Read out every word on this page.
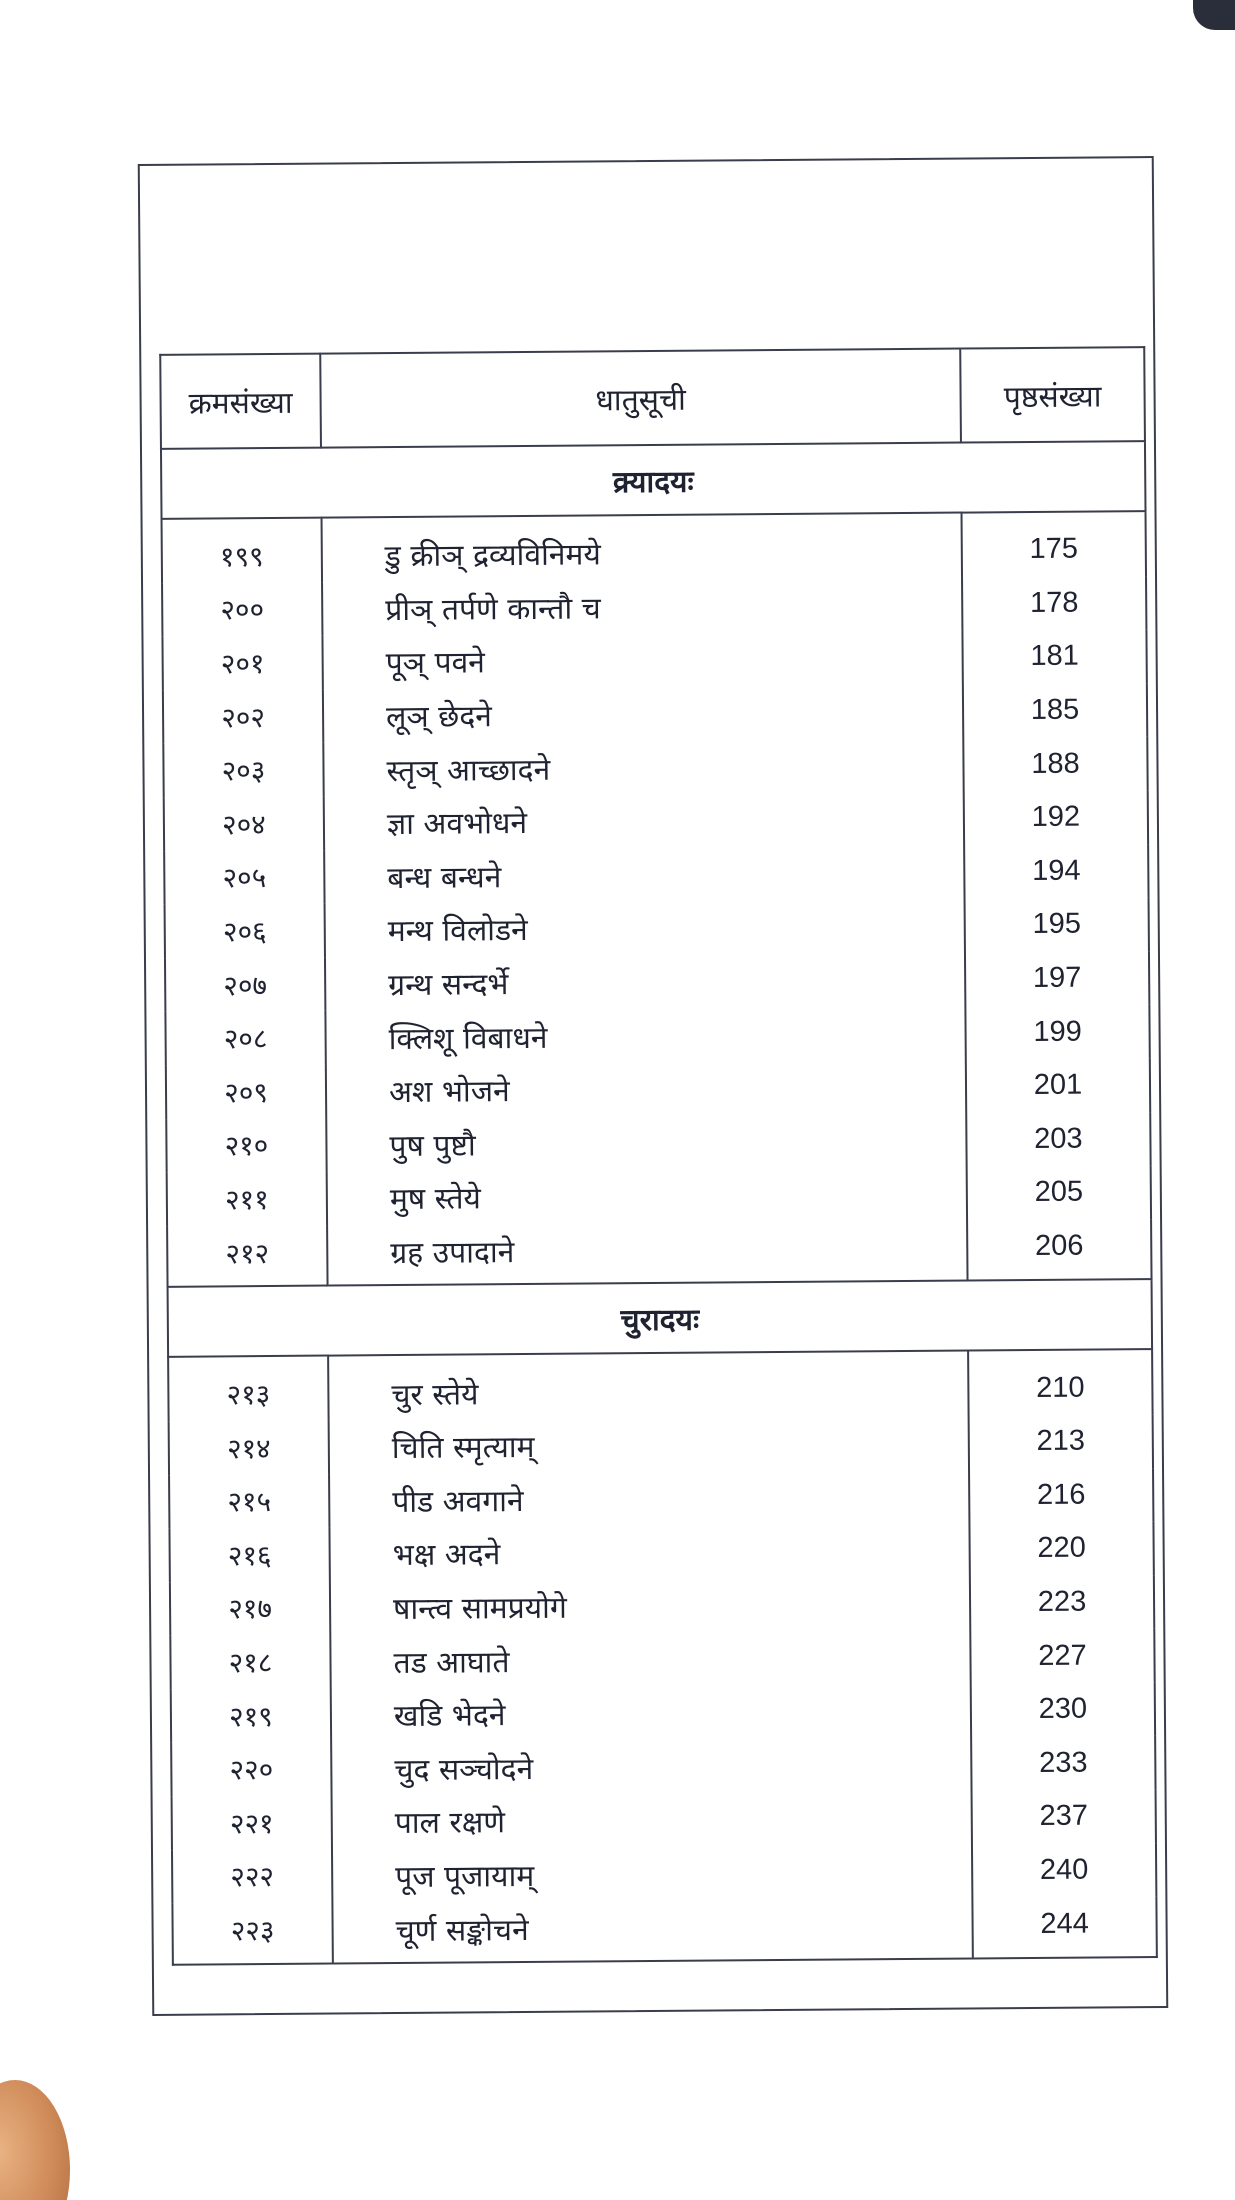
क्रमसंख्या	धातुसूची	पृष्ठसंख्या
क्र्यादयः		
१९९	डु क्रीञ् द्रव्यविनिमये	175
२००	प्रीञ् तर्पणे कान्तौ च	178
२०१	पूञ् पवने	181
२०२	लूञ् छेदने	185
२०३	स्तृञ् आच्छादने	188
२०४	ज्ञा अवभोधने	192
२०५	बन्ध बन्धने	194
२०६	मन्थ विलोडने	195
२०७	ग्रन्थ सन्दर्भे	197
२०८	क्लिशू विबाधने	199
२०९	अश भोजने	201
२१०	पुष पुष्टौ	203
२११	मुष स्तेये	205
२१२	ग्रह उपादाने	206
चुरादयः		
२१३	चुर स्तेये	210
२१४	चिति स्मृत्याम्	213
२१५	पीड अवगाने	216
२१६	भक्ष अदने	220
२१७	षान्त्व सामप्रयोगे	223
२१८	तड आघाते	227
२१९	खडि भेदने	230
२२०	चुद सञ्चोदने	233
२२१	पाल रक्षणे	237
२२२	पूज पूजायाम्	240
२२३	चूर्ण सङ्कोचने	244
